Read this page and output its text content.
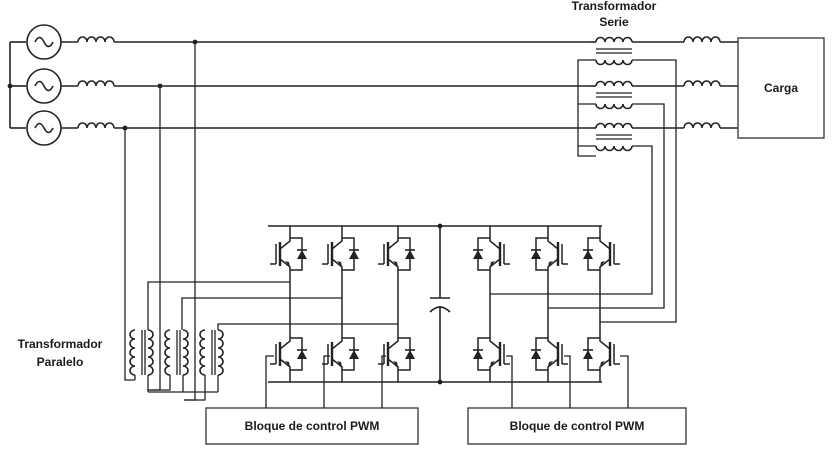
Carga
Transformador
Serie
Transformador
Paralelo
Bloque de control PWM	Bloque de control PWM
